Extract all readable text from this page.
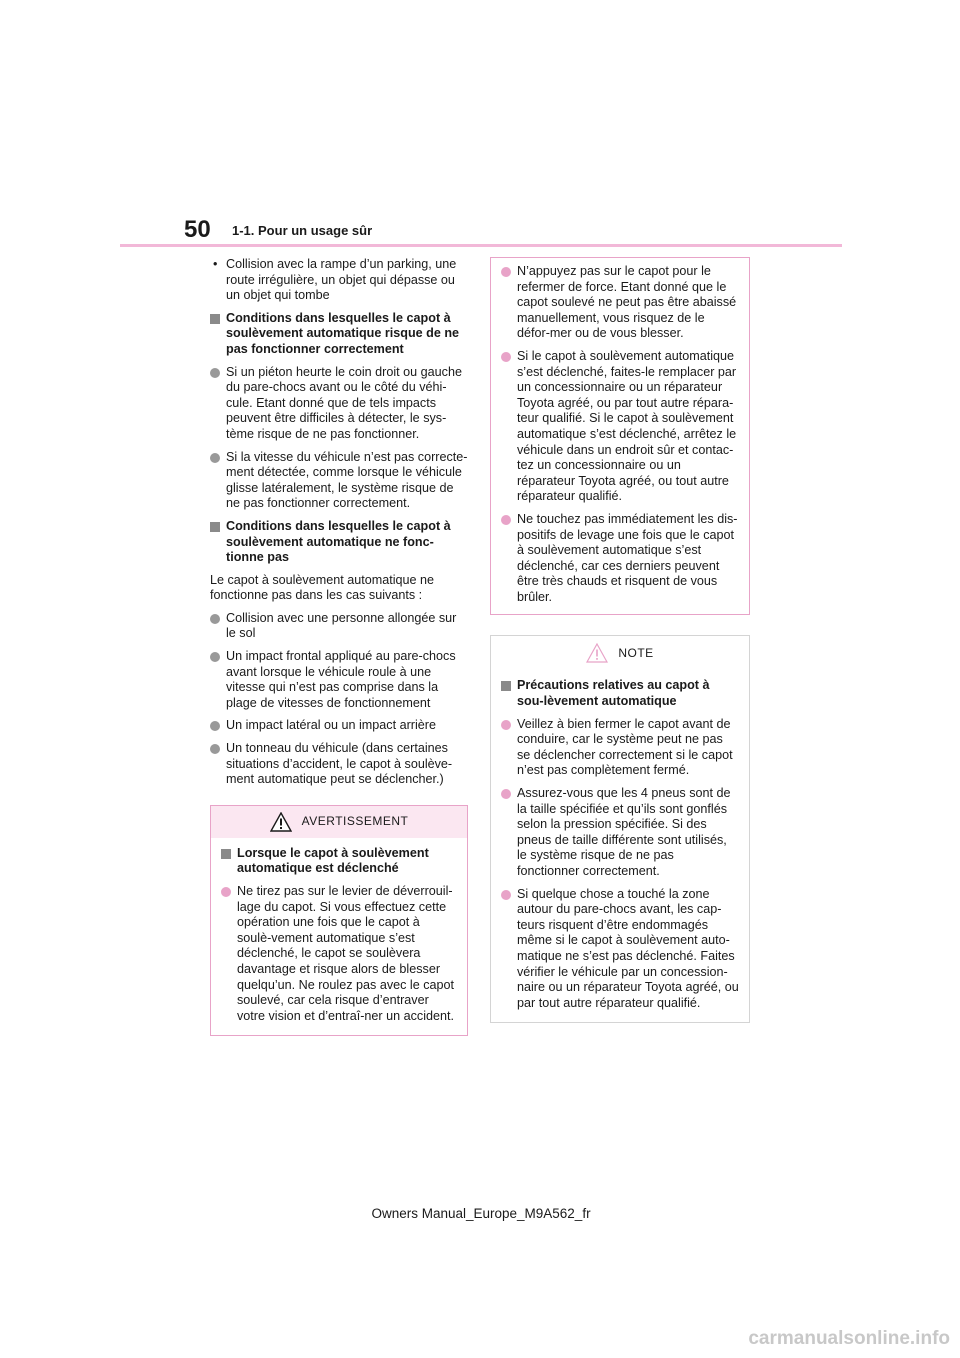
50 1-1. Pour un usage sûr
• Collision avec la rampe d’un parking, une route irrégulière, un objet qui dépasse ou un objet qui tombe
Conditions dans lesquelles le capot à soulèvement automatique risque de ne pas fonctionner correctement
Si un piéton heurte le coin droit ou gauche du pare-chocs avant ou le côté du véhi-cule. Etant donné que de tels impacts peuvent être difficiles à détecter, le sys-tème risque de ne pas fonctionner.
Si la vitesse du véhicule n’est pas correcte-ment détectée, comme lorsque le véhicule glisse latéralement, le système risque de ne pas fonctionner correctement.
Conditions dans lesquelles le capot à soulèvement automatique ne fonc-tionne pas
Le capot à soulèvement automatique ne fonctionne pas dans les cas suivants :
Collision avec une personne allongée sur le sol
Un impact frontal appliqué au pare-chocs avant lorsque le véhicule roule à une vitesse qui n’est pas comprise dans la plage de vitesses de fonctionnement
Un impact latéral ou un impact arrière
Un tonneau du véhicule (dans certaines situations d’accident, le capot à soulève-ment automatique peut se déclencher.)
AVERTISSEMENT
Lorsque le capot à soulèvement automatique est déclenché
Ne tirez pas sur le levier de déverrouil-lage du capot. Si vous effectuez cette opération une fois que le capot à soulè-vement automatique s’est déclenché, le capot se soulèvera davantage et risque alors de blesser quelqu’un. Ne roulez pas avec le capot soulevé, car cela risque d’entraver votre vision et d’entraî-ner un accident.
N’appuyez pas sur le capot pour le refermer de force. Etant donné que le capot soulevé ne peut pas être abaissé manuellement, vous risquez de le défor-mer ou de vous blesser.
Si le capot à soulèvement automatique s’est déclenché, faites-le remplacer par un concessionnaire ou un réparateur Toyota agréé, ou par tout autre répara-teur qualifié. Si le capot à soulèvement automatique s’est déclenché, arrêtez le véhicule dans un endroit sûr et contac-tez un concessionnaire ou un réparateur Toyota agréé, ou tout autre réparateur qualifié.
Ne touchez pas immédiatement les dis-positifs de levage une fois que le capot à soulèvement automatique s’est déclenché, car ces derniers peuvent être très chauds et risquent de vous brûler.
NOTE
Précautions relatives au capot à sou-lèvement automatique
Veillez à bien fermer le capot avant de conduire, car le système peut ne pas se déclencher correctement si le capot n’est pas complètement fermé.
Assurez-vous que les 4 pneus sont de la taille spécifiée et qu’ils sont gonflés selon la pression spécifiée. Si des pneus de taille différente sont utilisés, le système risque de ne pas fonctionner correctement.
Si quelque chose a touché la zone autour du pare-chocs avant, les cap-teurs risquent d’être endommagés même si le capot à soulèvement auto-matique ne s’est pas déclenché. Faites vérifier le véhicule par un concession-naire ou un réparateur Toyota agréé, ou par tout autre réparateur qualifié.
Owners Manual_Europe_M9A562_fr
carmanualsonline.info
